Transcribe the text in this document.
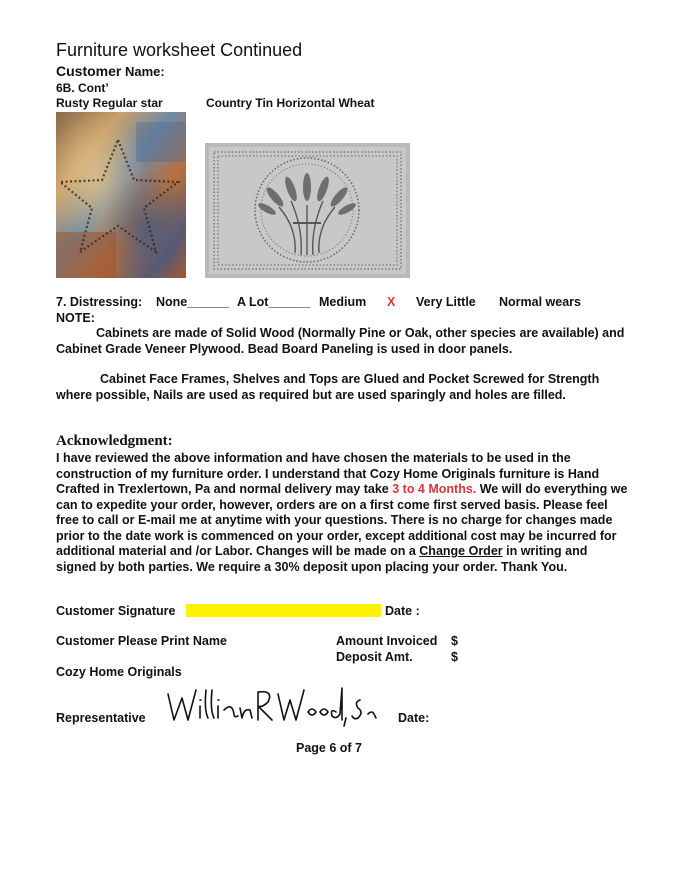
Furniture worksheet Continued
Customer Name:
6B. Cont’
Rusty Regular star	Country Tin Horizontal Wheat
7. Distressing: None______ A Lot______ Medium X Very Little Normal wears
NOTE:
Cabinets are made of Solid Wood (Normally Pine or Oak, other species are available) and Cabinet Grade Veneer Plywood. Bead Board Paneling is used in door panels.
Cabinet Face Frames, Shelves and Tops are Glued and Pocket Screwed for Strength where possible, Nails are used as required but are used sparingly and holes are filled.
Acknowledgment:
I have reviewed the above information and have chosen the materials to be used in the construction of my furniture order. I understand that Cozy Home Originals furniture is Hand Crafted in Trexlertown, Pa and normal delivery may take 3 to 4 Months. We will do everything we can to expedite your order, however, orders are on a first come first served basis. Please feel free to call or E-mail me at anytime with your questions. There is no charge for changes made prior to the date work is commenced on your order, except additional cost may be incurred for additional material and /or Labor. Changes will be made on a Change Order in writing and signed by both parties. We require a 30% deposit upon placing your order. Thank You.
Customer Signature	Date :
Customer Please Print Name	Amount Invoiced $
Deposit Amt.	$
Cozy Home Originals
Representative	Date:
Page 6 of 7
